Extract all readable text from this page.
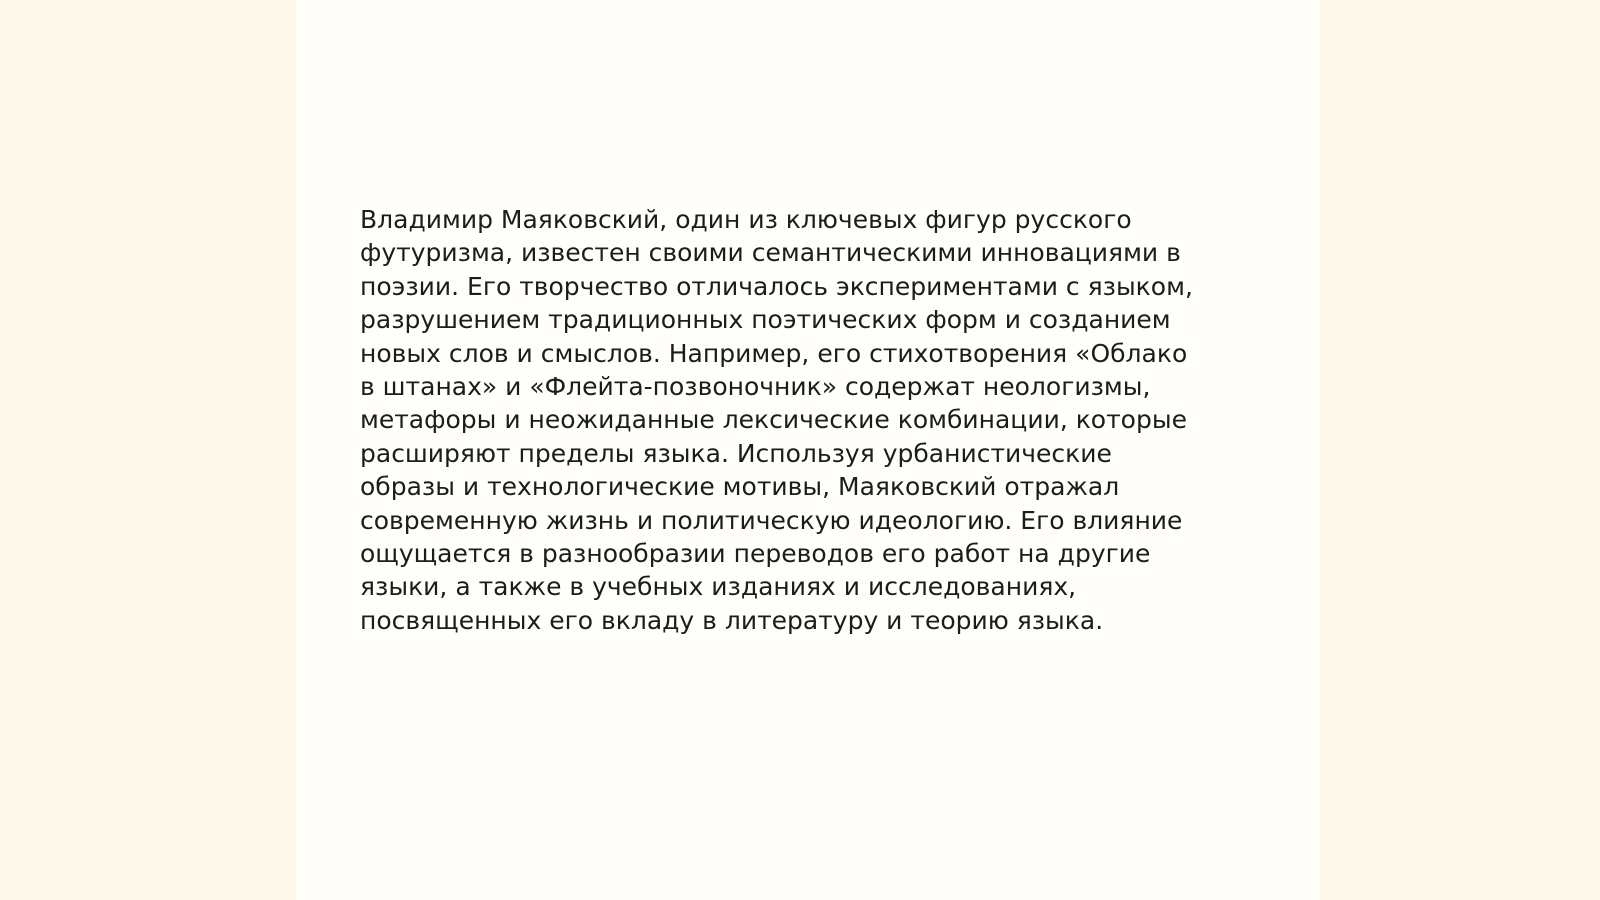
Владимир Маяковский, один из ключевых фигур русского
футуризма, известен своими семантическими инновациями в
поэзии. Его творчество отличалось экспериментами с языком,
разрушением традиционных поэтических форм и созданием
новых слов и смыслов. Например, его стихотворения «Облако
в штанах» и «Флейта-позвоночник» содержат неологизмы,
метафоры и неожиданные лексические комбинации, которые
расширяют пределы языка. Используя урбанистические
образы и технологические мотивы, Маяковский отражал
современную жизнь и политическую идеологию. Его влияние
ощущается в разнообразии переводов его работ на другие
языки, а также в учебных изданиях и исследованиях,
посвященных его вкладу в литературу и теорию языка.
